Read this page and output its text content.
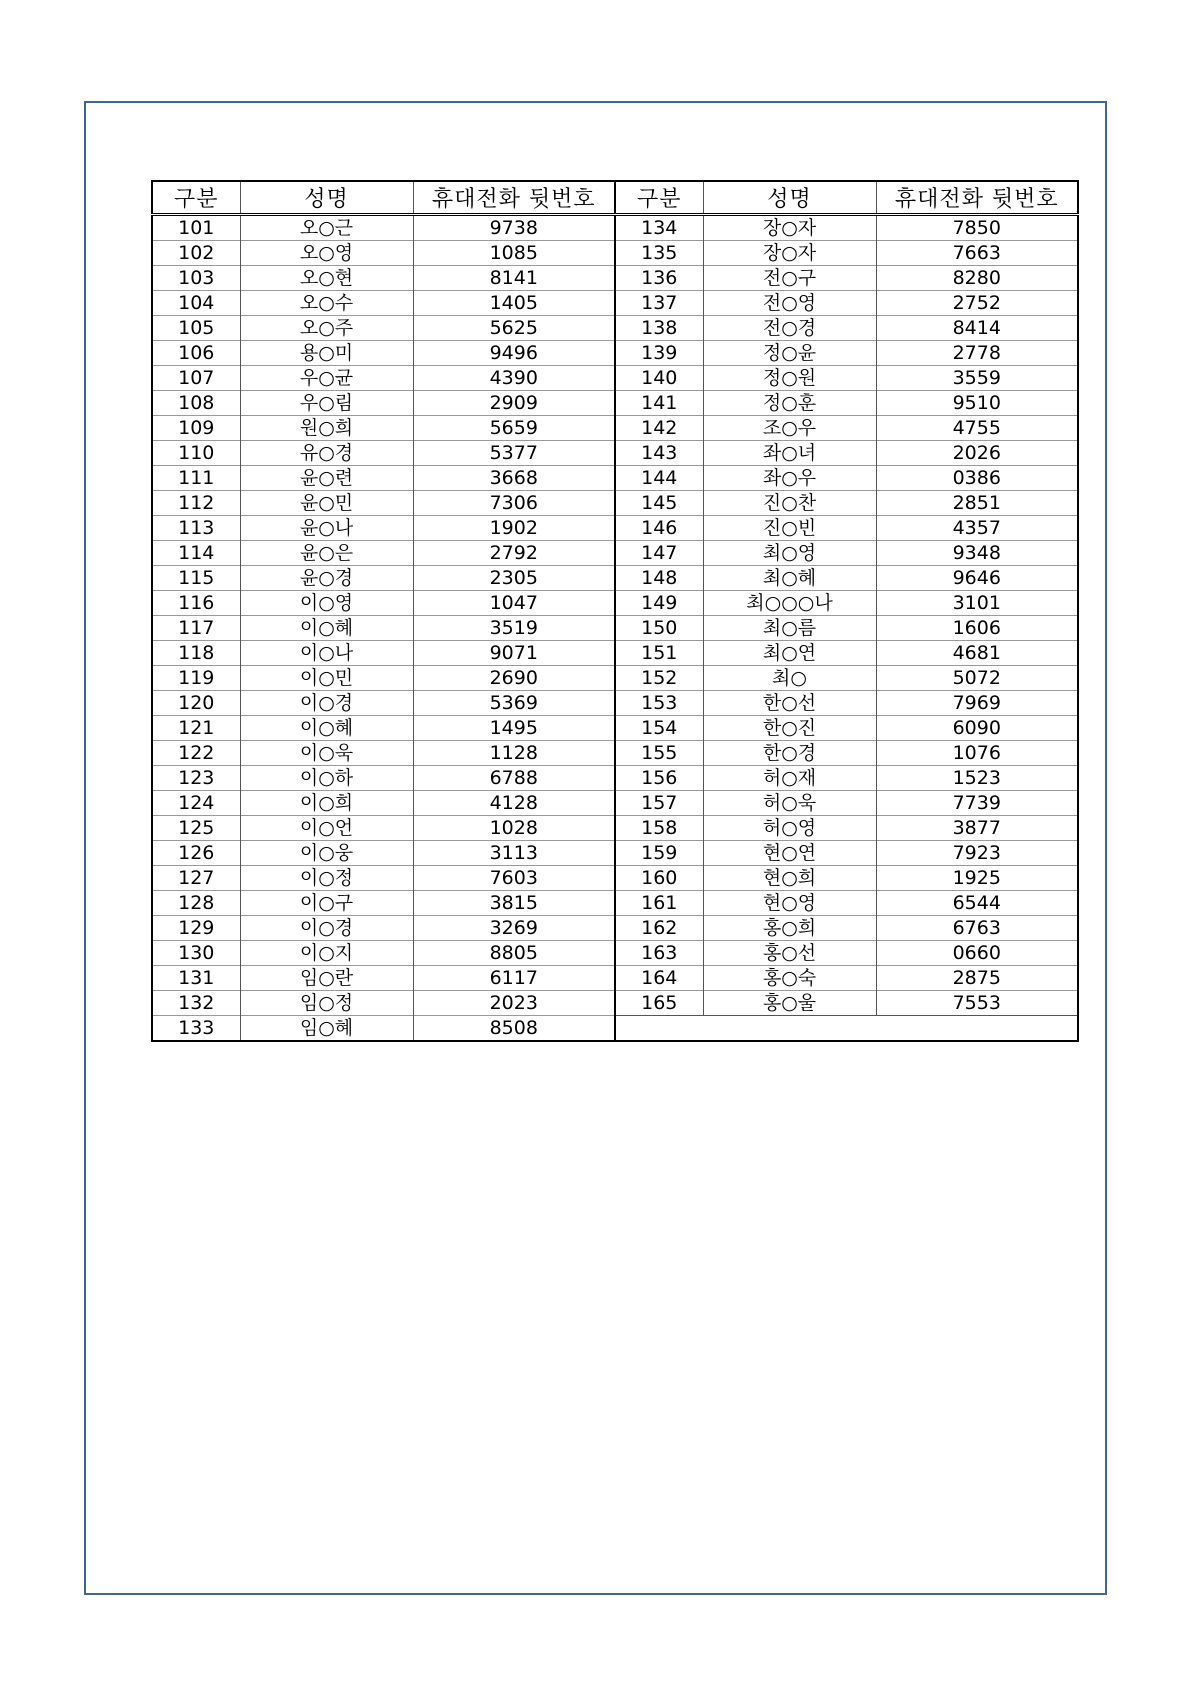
구분	성명	휴대전화 뒷번호	구분	성명	휴대전화 뒷번호
101	오○근	9738	134	장○자	7850
102	오○영	1085	135	장○자	7663
103	오○현	8141	136	전○구	8280
104	오○수	1405	137	전○영	2752
105	오○주	5625	138	전○경	8414
106	용○미	9496	139	정○윤	2778
107	우○균	4390	140	정○원	3559
108	우○림	2909	141	정○훈	9510
109	원○희	5659	142	조○우	4755
110	유○경	5377	143	좌○녀	2026
111	윤○련	3668	144	좌○우	0386
112	윤○민	7306	145	진○찬	2851
113	윤○나	1902	146	진○빈	4357
114	윤○은	2792	147	최○영	9348
115	윤○경	2305	148	최○혜	9646
116	이○영	1047	149	최○○○나	3101
117	이○혜	3519	150	최○름	1606
118	이○나	9071	151	최○연	4681
119	이○민	2690	152	최○	5072
120	이○경	5369	153	한○선	7969
121	이○혜	1495	154	한○진	6090
122	이○욱	1128	155	한○경	1076
123	이○하	6788	156	허○재	1523
124	이○희	4128	157	허○욱	7739
125	이○언	1028	158	허○영	3877
126	이○웅	3113	159	현○연	7923
127	이○정	7603	160	현○희	1925
128	이○구	3815	161	현○영	6544
129	이○경	3269	162	홍○희	6763
130	이○지	8805	163	홍○선	0660
131	임○란	6117	164	홍○숙	2875
132	임○정	2023	165	홍○울	7553
133	임○혜	8508			
